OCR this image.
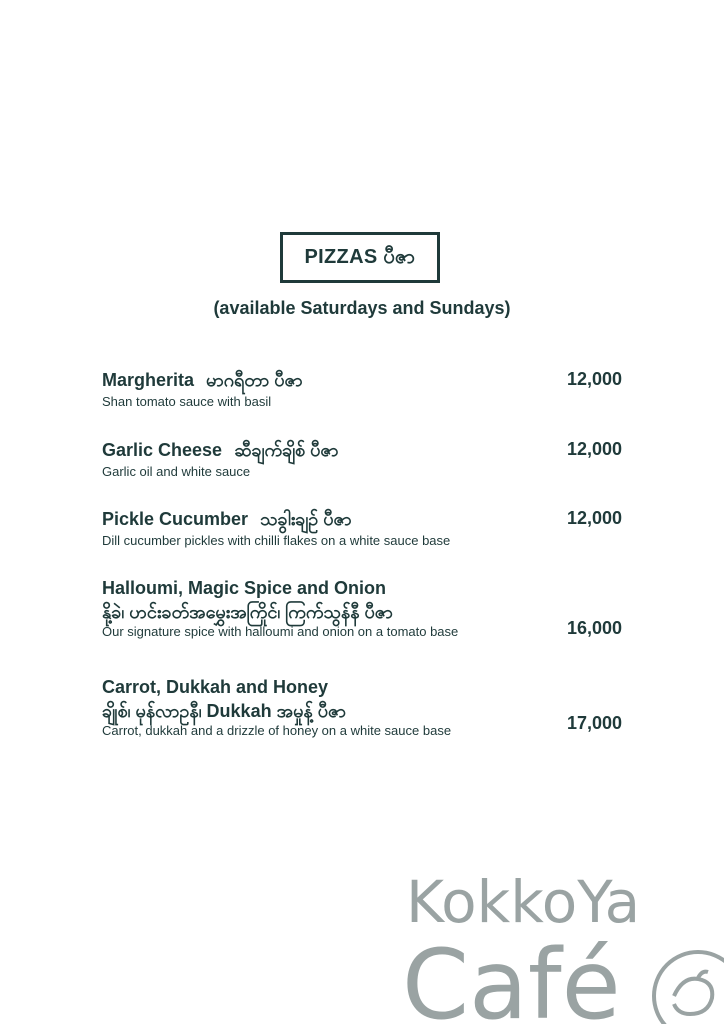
PIZZAS ပီဇာ
(available Saturdays and Sundays)
Margherita မာဂရီတာ ပီဇာ
Shan tomato sauce with basil
12,000
Garlic Cheese ဆီချက်ချိစ် ပီဇာ
Garlic oil and white sauce
12,000
Pickle Cucumber သခွါးချဉ် ပီဇာ
Dill cucumber pickles with chilli flakes on a white sauce base
12,000
Halloumi, Magic Spice and Onion
နို့ခဲ၊ ဟင်းခတ်အမွှေးအကြိုင်၊ ကြက်သွန်နီ ပီဇာ
Our signature spice with halloumi and onion on a tomato base	16,000
Carrot, Dukkah and Honey
ချိုစ်၊ မုန်လာဥနီ၊ Dukkah အမှုန့် ပီဇာ
Carrot, dukkah and a drizzle of honey on a white sauce base	17,000
KokkoYa
Café
